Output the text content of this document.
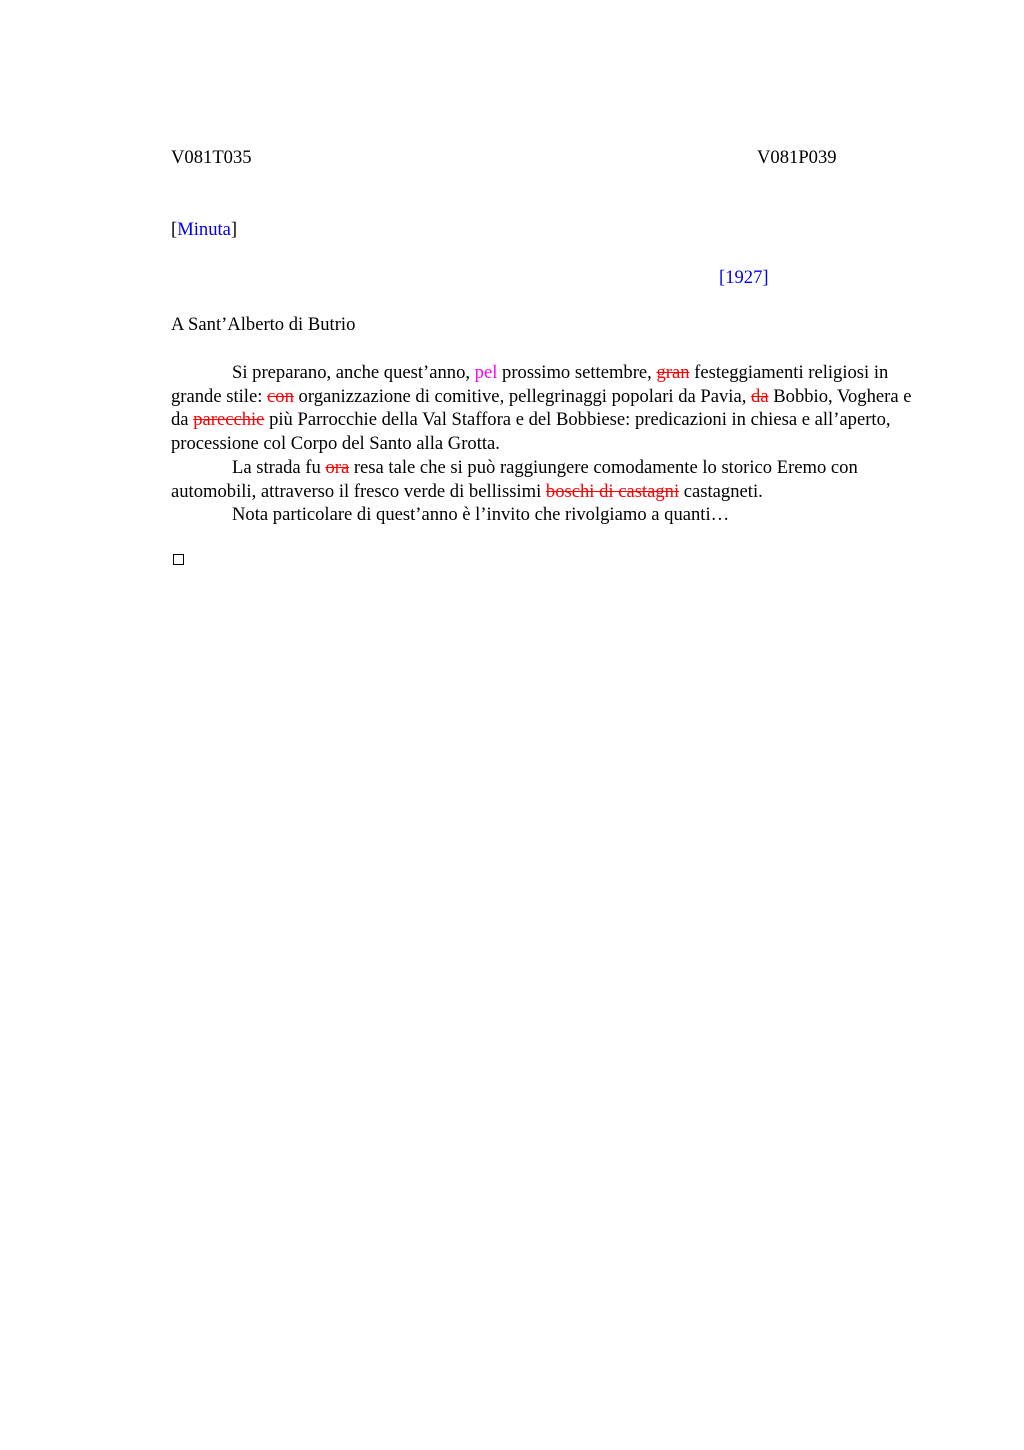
V081T035	V081P039
[Minuta]
[1927]
A Sant’Alberto di Butrio

Si preparano, anche quest’anno, pel prossimo settembre, gran festeggiamenti religiosi in grande stile: con organizzazione di comitive, pellegrinaggi popolari da Pavia, da Bobbio, Voghera e da parecchie più Parrocchie della Val Staffora e del Bobbiese: predicazioni in chiesa e all’aperto, processione col Corpo del Santo alla Grotta.

La strada fu ora resa tale che si può raggiungere comodamente lo storico Eremo con automobili, attraverso il fresco verde di bellissimi boschi di castagni castagneti.

Nota particolare di quest’anno è l’invito che rivolgiamo a quanti…
